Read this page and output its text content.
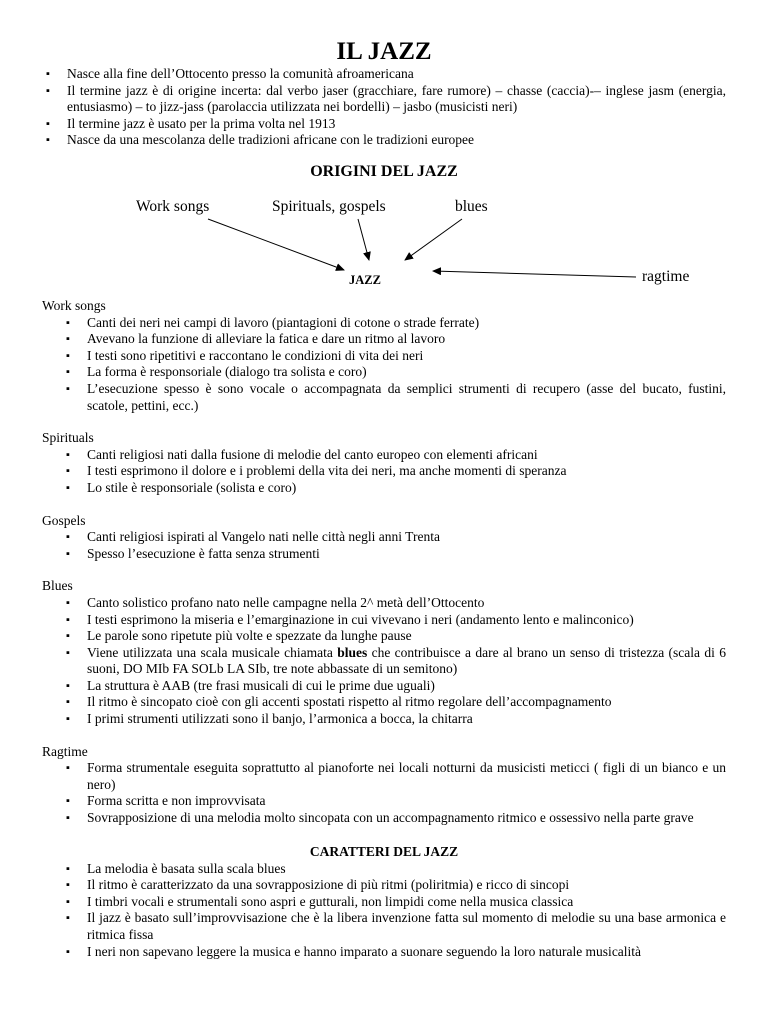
IL JAZZ
▪ Nasce alla fine dell’Ottocento presso la comunità afroamericana
▪ Il termine jazz è di origine incerta: dal verbo jaser (gracchiare, fare rumore) – chasse (caccia)-– inglese jasm (energia, entusiasmo) – to jizz-jass (parolaccia utilizzata nei bordelli) – jasbo (musicisti neri)
▪ Il termine jazz è usato per la prima volta nel 1913
▪ Nasce da una mescolanza delle tradizioni africane con le tradizioni europee
ORIGINI DEL JAZZ
Work songs	Spirituals, gospels	blues
JAZZ	ragtime
Work songs
▪ Canti dei neri nei campi di lavoro (piantagioni di cotone o strade ferrate)
▪ Avevano la funzione di alleviare la fatica e dare un ritmo al lavoro
▪ I testi sono ripetitivi e raccontano le condizioni di vita dei neri
▪ La forma è responsoriale (dialogo tra solista e coro)
▪ L’esecuzione spesso è sono vocale o accompagnata da semplici strumenti di recupero (asse del bucato, fustini, scatole, pettini, ecc.)
Spirituals
▪ Canti religiosi nati dalla fusione di melodie del canto europeo con elementi africani
▪ I testi esprimono il dolore e i problemi della vita dei neri, ma anche momenti di speranza
▪ Lo stile è responsoriale (solista e coro)
Gospels
▪ Canti religiosi ispirati al Vangelo nati nelle città negli anni Trenta
▪ Spesso l’esecuzione è fatta senza strumenti
Blues
▪ Canto solistico profano nato nelle campagne nella 2^ metà dell’Ottocento
▪ I testi esprimono la miseria e l’emarginazione in cui vivevano i neri (andamento lento e malinconico)
▪ Le parole sono ripetute più volte e spezzate da lunghe pause
▪ Viene utilizzata una scala musicale chiamata blues che contribuisce a dare al brano un senso di tristezza (scala di 6 suoni, DO MIb FA SOLb LA SIb, tre note abbassate di un semitono)
▪ La struttura è AAB (tre frasi musicali di cui le prime due uguali)
▪ Il ritmo è sincopato cioè con gli accenti spostati rispetto al ritmo regolare dell’accompagnamento
▪ I primi strumenti utilizzati sono il banjo, l’armonica a bocca, la chitarra
Ragtime
▪ Forma strumentale eseguita soprattutto al pianoforte nei locali notturni da musicisti meticci ( figli di un bianco e un nero)
▪ Forma scritta e non improvvisata
▪ Sovrapposizione di una melodia molto sincopata con un accompagnamento ritmico e ossessivo nella parte grave
CARATTERI DEL JAZZ
▪ La melodia è basata sulla scala blues
▪ Il ritmo è caratterizzato da una sovrapposizione di più ritmi (poliritmia) e ricco di sincopi
▪ I timbri vocali e strumentali sono aspri e gutturali, non limpidi come nella musica classica
▪ Il jazz è basato sull’improvvisazione che è la libera invenzione fatta sul momento di melodie su una base armonica e ritmica fissa
▪ I neri non sapevano leggere la musica e hanno imparato a suonare seguendo la loro naturale musicalità
